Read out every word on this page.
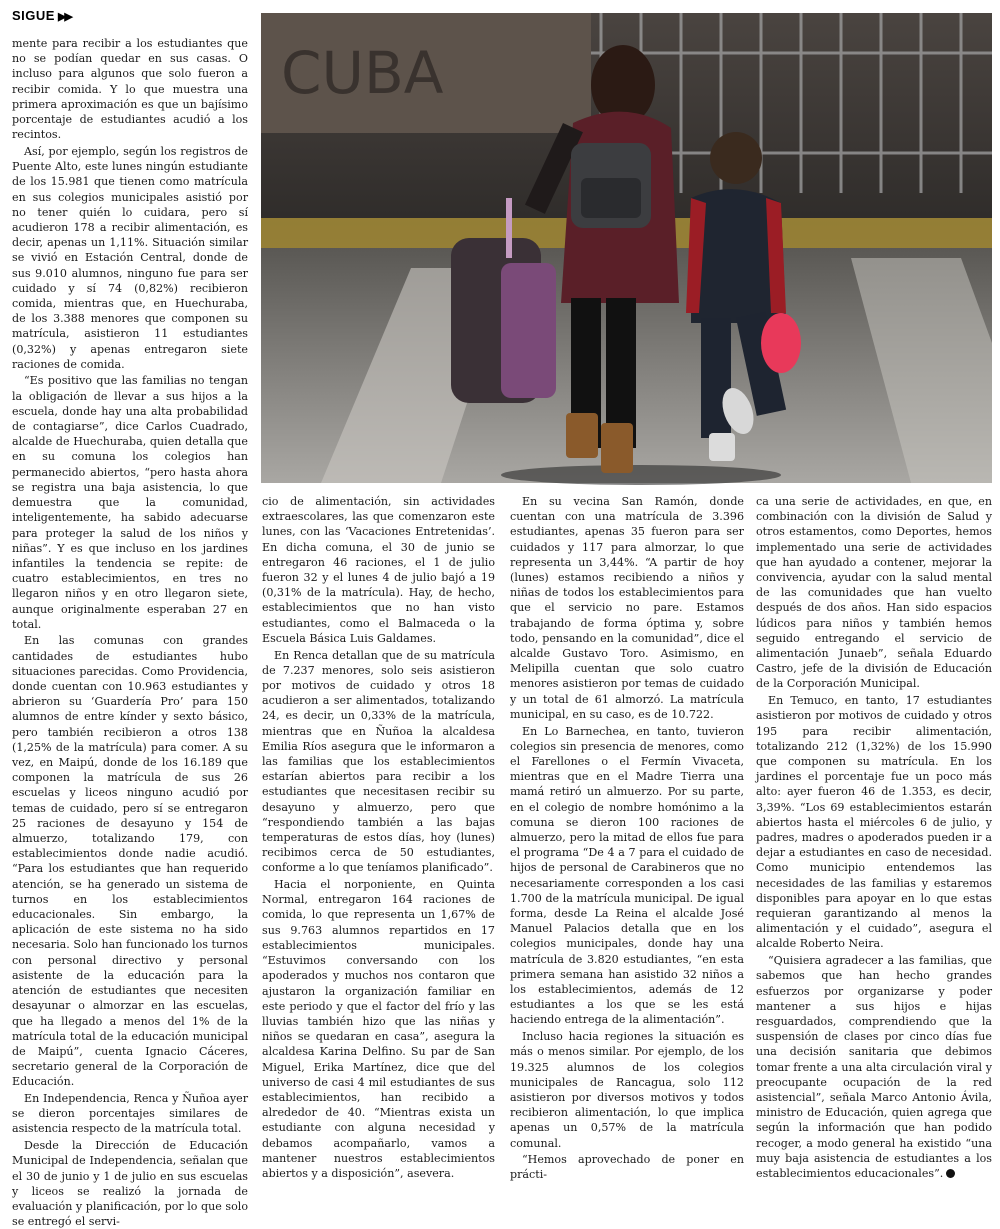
SIGUE ▶▶
CUBA

mente para recibir a los estudiantes que no se podían quedar en sus casas. O incluso para algunos que solo fueron a recibir comida. Y lo que muestra una primera aproximación es que un bajísimo porcentaje de estudiantes acudió a los recintos.

Así, por ejemplo, según los registros de Puente Alto, este lunes ningún estudiante de los 15.981 que tienen como matrícula en sus colegios municipales asistió por no tener quién lo cuidara, pero sí acudieron 178 a recibir alimentación, es decir, apenas un 1,11%. Situación similar se vivió en Estación Central, donde de sus 9.010 alumnos, ninguno fue para ser cuidado y sí 74 (0,82%) recibieron comida, mientras que, en Huechuraba, de los 3.388 menores que componen su matrícula, asistieron 11 estudiantes (0,32%) y apenas entregaron siete raciones de comida.

“Es positivo que las familias no tengan la obligación de llevar a sus hijos a la escuela, donde hay una alta probabilidad de contagiarse”, dice Carlos Cuadrado, alcalde de Huechuraba, quien detalla que en su comuna los colegios han permanecido abiertos, “pero hasta ahora se registra una baja asistencia, lo que demuestra que la comunidad, inteligentemente, ha sabido adecuarse para proteger la salud de los niños y niñas”. Y es que incluso en los jardines infantiles la tendencia se repite: de cuatro establecimientos, en tres no llegaron niños y en otro llegaron siete, aunque originalmente esperaban 27 en total.

En las comunas con grandes cantidades de estudiantes hubo situaciones parecidas. Como Providencia, donde cuentan con 10.963 estudiantes y abrieron su ‘Guardería Pro’ para 150 alumnos de entre kínder y sexto básico, pero también recibieron a otros 138 (1,25% de la matrícula) para comer. A su vez, en Maipú, donde de los 16.189 que componen la matrícula de sus 26 escuelas y liceos ninguno acudió por temas de cuidado, pero sí se entregaron 25 raciones de desayuno y 154 de almuerzo, totalizando 179, con establecimientos donde nadie acudió. “Para los estudiantes que han requerido atención, se ha generado un sistema de turnos en los establecimientos educacionales. Sin embargo, la aplicación de este sistema no ha sido necesaria. Solo han funcionado los turnos con personal directivo y personal asistente de la educación para la atención de estudiantes que necesiten desayunar o almorzar en las escuelas, que ha llegado a menos del 1% de la matrícula total de la educación municipal de Maipú”, cuenta Ignacio Cáceres, secretario general de la Corporación de Educación.

En Independencia, Renca y Ñuñoa ayer se dieron porcentajes similares de asistencia respecto de la matrícula total.

Desde la Dirección de Educación Municipal de Independencia, señalan que el 30 de junio y 1 de julio en sus escuelas y liceos se realizó la jornada de evaluación y planificación, por lo que solo se entregó el servi-

cio de alimentación, sin actividades extraescolares, las que comenzaron este lunes, con las ‘Vacaciones Entretenidas’. En dicha comuna, el 30 de junio se entregaron 46 raciones, el 1 de julio fueron 32 y el lunes 4 de julio bajó a 19 (0,31% de la matrícula). Hay, de hecho, establecimientos que no han visto estudiantes, como el Balmaceda o la Escuela Básica Luis Galdames.

En Renca detallan que de su matrícula de 7.237 menores, solo seis asistieron por motivos de cuidado y otros 18 acudieron a ser alimentados, totalizando 24, es decir, un 0,33% de la matrícula, mientras que en Ñuñoa la alcaldesa Emilia Ríos asegura que le informaron a las familias que los establecimientos estarían abiertos para recibir a los estudiantes que necesitasen recibir su desayuno y almuerzo, pero que “respondiendo también a las bajas temperaturas de estos días, hoy (lunes) recibimos cerca de 50 estudiantes, conforme a lo que teníamos planificado”.

Hacia el norponiente, en Quinta Normal, entregaron 164 raciones de comida, lo que representa un 1,67% de sus 9.763 alumnos repartidos en 17 establecimientos municipales. “Estuvimos conversando con los apoderados y muchos nos contaron que ajustaron la organización familiar en este periodo y que el factor del frío y las lluvias también hizo que las niñas y niños se quedaran en casa”, asegura la alcaldesa Karina Delfino. Su par de San Miguel, Erika Martínez, dice que del universo de casi 4 mil estudiantes de sus establecimientos, han recibido a alrededor de 40. “Mientras exista un estudiante con alguna necesidad y debamos acompañarlo, vamos a mantener nuestros establecimientos abiertos y a disposición”, asevera.

En su vecina San Ramón, donde cuentan con una matrícula de 3.396 estudiantes, apenas 35 fueron para ser cuidados y 117 para almorzar, lo que representa un 3,44%. “A partir de hoy (lunes) estamos recibiendo a niños y niñas de todos los establecimientos para que el servicio no pare. Estamos trabajando de forma óptima y, sobre todo, pensando en la comunidad”, dice el alcalde Gustavo Toro. Asimismo, en Melipilla cuentan que solo cuatro menores asistieron por temas de cuidado y un total de 61 almorzó. La matrícula municipal, en su caso, es de 10.722.

En Lo Barnechea, en tanto, tuvieron colegios sin presencia de menores, como el Farellones o el Fermín Vivaceta, mientras que en el Madre Tierra una mamá retiró un almuerzo. Por su parte, en el colegio de nombre homónimo a la comuna se dieron 100 raciones de almuerzo, pero la mitad de ellos fue para el programa “De 4 a 7 para el cuidado de hijos de personal de Carabineros que no necesariamente corresponden a los casi 1.700 de la matrícula municipal. De igual forma, desde La Reina el alcalde José Manuel Palacios detalla que en los colegios municipales, donde hay una matrícula de 3.820 estudiantes, “en esta primera semana han asistido 32 niños a los establecimientos, además de 12 estudiantes a los que se les está haciendo entrega de la alimentación”.

Incluso hacia regiones la situación es más o menos similar. Por ejemplo, de los 19.325 alumnos de los colegios municipales de Rancagua, solo 112 asistieron por diversos motivos y todos recibieron alimentación, lo que implica apenas un 0,57% de la matrícula comunal.

“Hemos aprovechado de poner en prácti-

ca una serie de actividades, en que, en combinación con la división de Salud y otros estamentos, como Deportes, hemos implementado una serie de actividades que han ayudado a contener, mejorar la convivencia, ayudar con la salud mental de las comunidades que han vuelto después de dos años. Han sido espacios lúdicos para niños y también hemos seguido entregando el servicio de alimentación Junaeb”, señala Eduardo Castro, jefe de la división de Educación de la Corporación Municipal.

En Temuco, en tanto, 17 estudiantes asistieron por motivos de cuidado y otros 195 para recibir alimentación, totalizando 212 (1,32%) de los 15.990 que componen su matrícula. En los jardines el porcentaje fue un poco más alto: ayer fueron 46 de 1.353, es decir, 3,39%. “Los 69 establecimientos estarán abiertos hasta el miércoles 6 de julio, y padres, madres o apoderados pueden ir a dejar a estudiantes en caso de necesidad. Como municipio entendemos las necesidades de las familias y estaremos disponibles para apoyar en lo que estas requieran garantizando al menos la alimentación y el cuidado”, asegura el alcalde Roberto Neira.

“Quisiera agradecer a las familias, que sabemos que han hecho grandes esfuerzos por organizarse y poder mantener a sus hijos e hijas resguardados, comprendiendo que la suspensión de clases por cinco días fue una decisión sanitaria que debimos tomar frente a una alta circulación viral y preocupante ocupación de la red asistencial”, señala Marco Antonio Ávila, ministro de Educación, quien agrega que según la información que han podido recoger, a modo general ha existido “una muy baja asistencia de estudiantes a los establecimientos educacionales”.
